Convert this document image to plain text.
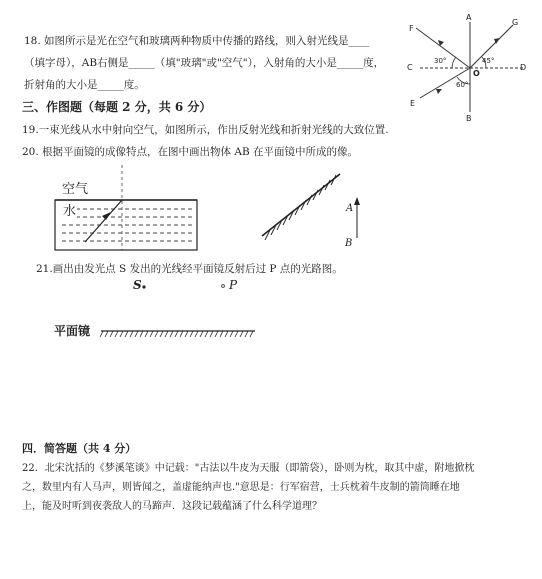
18. 如图所示是光在空气和玻璃两种物质中传播的路线，则入射光线是____
（填字母），AB右侧是_____（填"玻璃"或"空气"），入射角的大小是_____度，
折射角的大小是_____度。
A
B
C	D
E
F
G
O
30°	45°
60°
三、作图题（每题 2 分，共 6 分）
19.一束光线从水中射向空气，如图所示，作出反射光线和折射光线的大致位置.
20. 根据平面镜的成像特点，在图中画出物体 AB 在平面镜中所成的像。
空气
水	A
B
21.画出由发光点 S 发出的光线经平面镜反射后过 P 点的光路图。
S	P
平面镜
四．简答题（共 4 分）
22．北宋沈括的《梦溪笔谈》中记载："古法以牛皮为天服（即箭袋），卧则为枕，取其中虚，附地掀枕
之，数里内有人马声，则皆闻之，盖虚能纳声也."意思是：行军宿营，士兵枕着牛皮制的箭筒睡在地
上，能及时听到夜袭敌人的马蹄声．这段记载蕴涵了什么科学道理？
